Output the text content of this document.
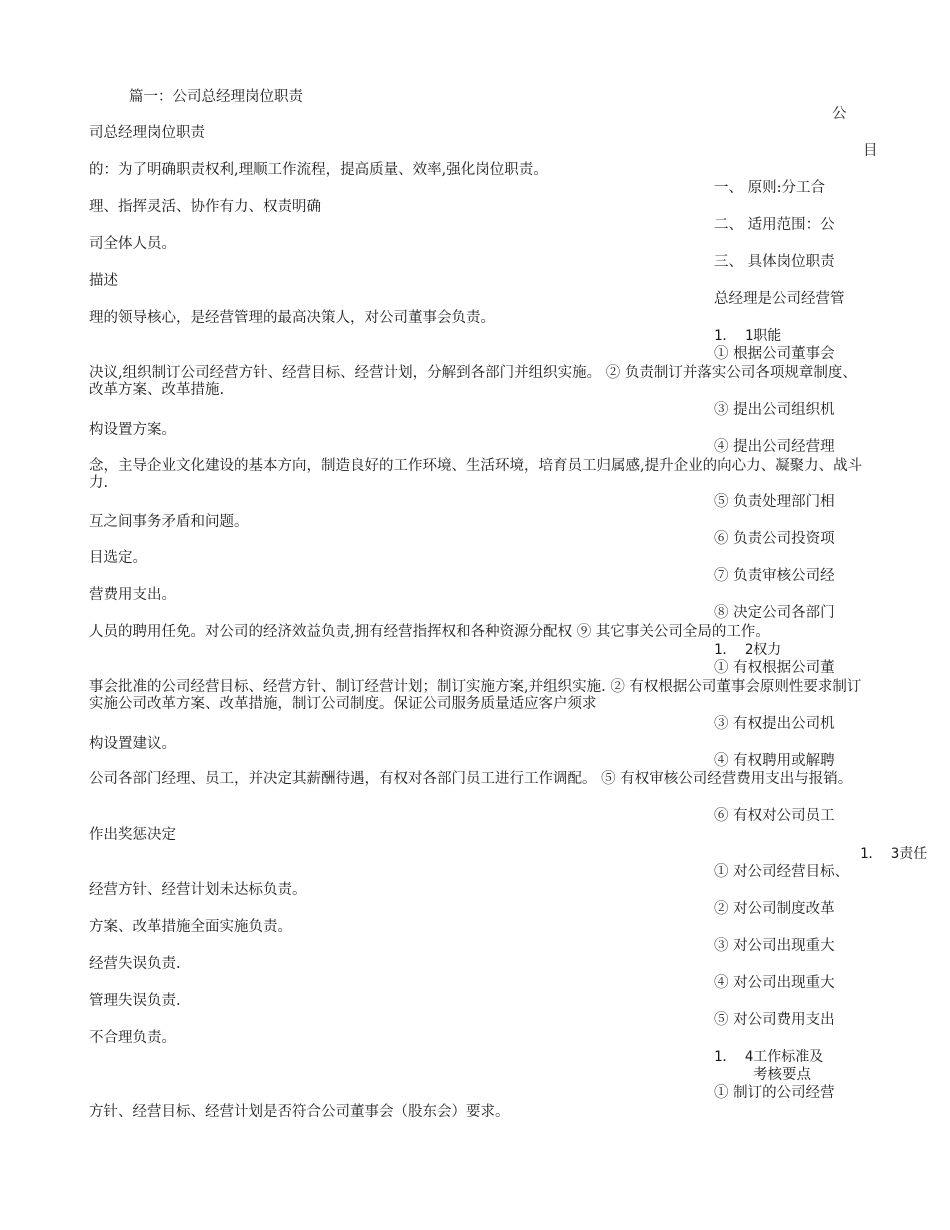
篇一：公司总经理岗位职责
司总经理岗位职责
的：为了明确职责权利,理顺工作流程，提高质量、效率,强化岗位职责。
理、指挥灵活、协作有力、权责明确
司全体人员。
描述
理的领导核心，是经营管理的最高决策人，对公司董事会负责。
决议,组织制订公司经营方针、经营目标、经营计划，分解到各部门并组织实施。 ② 负责制订并落实公司各项规章制度、改革方案、改革措施.
构设置方案。
念，主导企业文化建设的基本方向，制造良好的工作环境、生活环境，培育员工归属感,提升企业的向心力、凝聚力、战斗力.
互之间事务矛盾和问题。
目选定。
营费用支出。
人员的聘用任免。对公司的经济效益负责,拥有经营指挥权和各种资源分配权 ⑨ 其它事关公司全局的工作。
事会批准的公司经营目标、经营方针、制订经营计划；制订实施方案,并组织实施. ② 有权根据公司董事会原则性要求制订实施公司改革方案、改革措施，制订公司制度。保证公司服务质量适应客户须求
构设置建议。
公司各部门经理、员工，并决定其薪酬待遇，有权对各部门员工进行工作调配。 ⑤ 有权审核公司经营费用支出与报销。
作出奖惩决定
经营方针、经营计划未达标负责。
方案、改革措施全面实施负责。
经营失误负责.
管理失误负责.
不合理负责。
方针、经营目标、经营计划是否符合公司董事会（股东会）要求。
公
目
一、 原则:分工合
二、 适用范围：公
三、 具体岗位职责
总经理是公司经营管
1． 1职能
① 根据公司董事会
③ 提出公司组织机
④ 提出公司经营理
⑤ 负责处理部门相
⑥ 负责公司投资项
⑦ 负责审核公司经
⑧ 决定公司各部门
1． 2权力
① 有权根据公司董
③ 有权提出公司机
④ 有权聘用或解聘
⑥ 有权对公司员工
1． 3责任
① 对公司经营目标、
② 对公司制度改革
③ 对公司出现重大
④ 对公司出现重大
⑤ 对公司费用支出
1． 4工作标准及
考核要点
① 制订的公司经营
